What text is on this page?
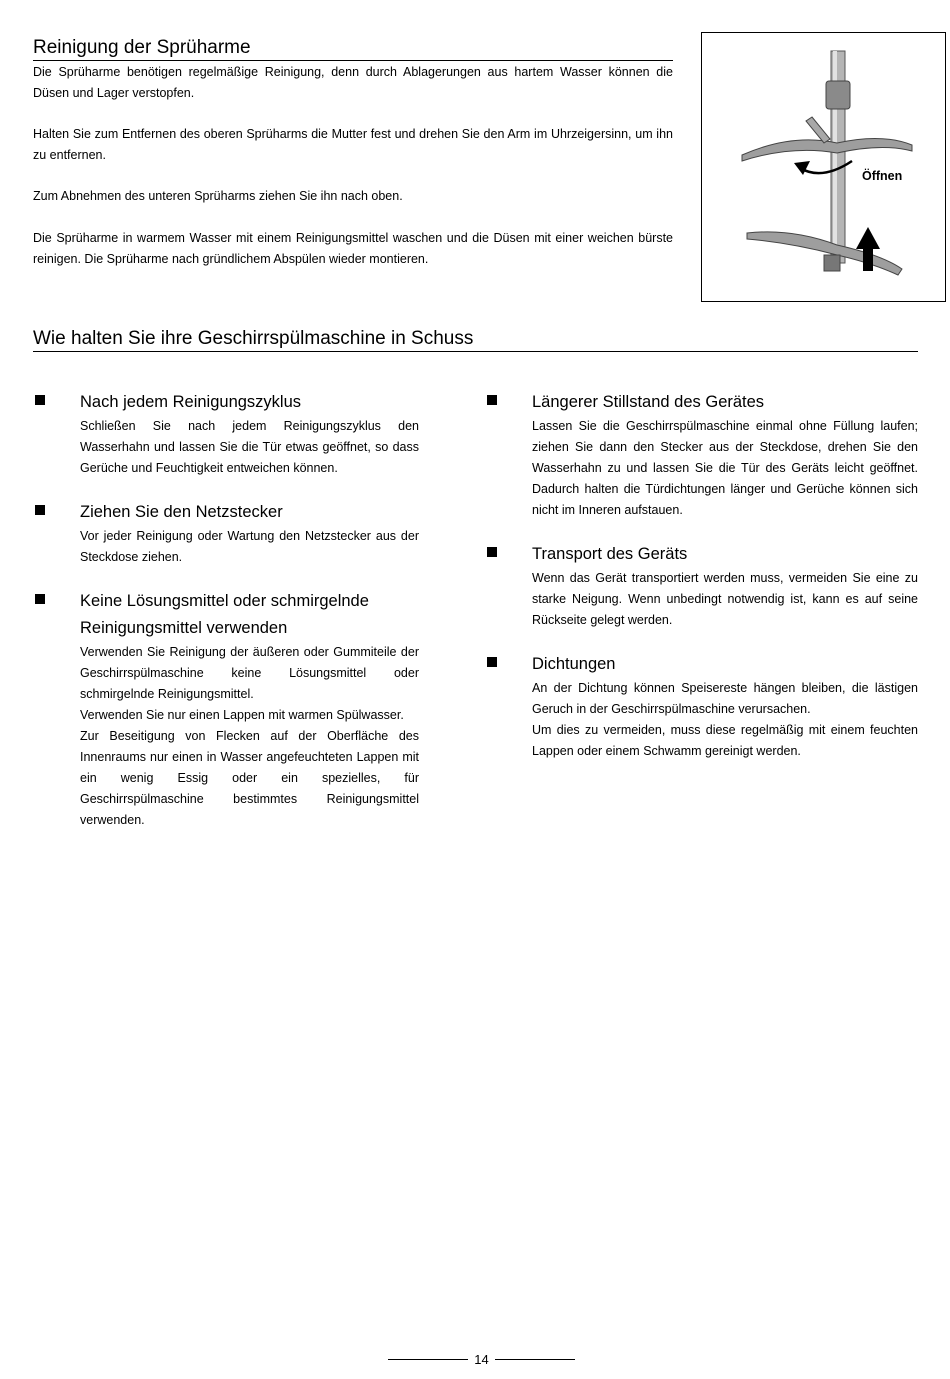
Reinigung der Sprüharme

Die Sprüharme benötigen regelmäßige Reinigung, denn durch Ablagerungen aus hartem Wasser können die Düsen und Lager verstopfen.

Halten Sie zum Entfernen des oberen Sprüharms die Mutter fest und drehen Sie den Arm im Uhrzeigersinn, um ihn zu entfernen.

Zum Abnehmen des unteren Sprüharms ziehen Sie ihn nach oben.

Die Sprüharme in warmem Wasser mit einem Reinigungsmittel waschen und die Düsen mit einer weichen bürste reinigen. Die Sprüharme nach gründlichem Abspülen wieder montieren.

Öffnen
Wie halten Sie ihre Geschirrspülmaschine in Schuss

Nach jedem Reinigungszyklus

Schließen Sie nach jedem Reinigungszyklus den Wasserhahn und lassen Sie die Tür etwas geöffnet, so dass Gerüche und Feuchtigkeit entweichen können.

Ziehen Sie den Netzstecker

Vor jeder Reinigung oder Wartung den Netzstecker aus der Steckdose ziehen.

Keine Lösungsmittel oder schmirgelnde Reinigungsmittel verwenden

Verwenden Sie Reinigung der äußeren oder Gummiteile der Geschirrspülmaschine keine Lösungsmittel oder schmirgelnde Reinigungsmittel.

Verwenden Sie nur einen Lappen mit warmen Spülwasser.

Zur Beseitigung von Flecken auf der Oberfläche des Innenraums nur einen in Wasser angefeuchteten Lappen mit ein wenig Essig oder ein spezielles, für Geschirrspülmaschine bestimmtes Reinigungsmittel verwenden.

Längerer Stillstand des Gerätes

Lassen Sie die Geschirrspülmaschine einmal ohne Füllung laufen; ziehen Sie dann den Stecker aus der Steckdose, drehen Sie den Wasserhahn zu und lassen Sie die Tür des Geräts leicht geöffnet. Dadurch halten die Türdichtungen länger und Gerüche können sich nicht im Inneren aufstauen.

Transport des Geräts

Wenn das Gerät transportiert werden muss, vermeiden Sie eine zu starke Neigung. Wenn unbedingt notwendig ist, kann es auf seine Rückseite gelegt werden.

Dichtungen

An der Dichtung können Speisereste hängen bleiben, die lästigen Geruch in der Geschirrspülmaschine verursachen.

Um dies zu vermeiden, muss diese regelmäßig mit einem feuchten Lappen oder einem Schwamm gereinigt werden.

14
